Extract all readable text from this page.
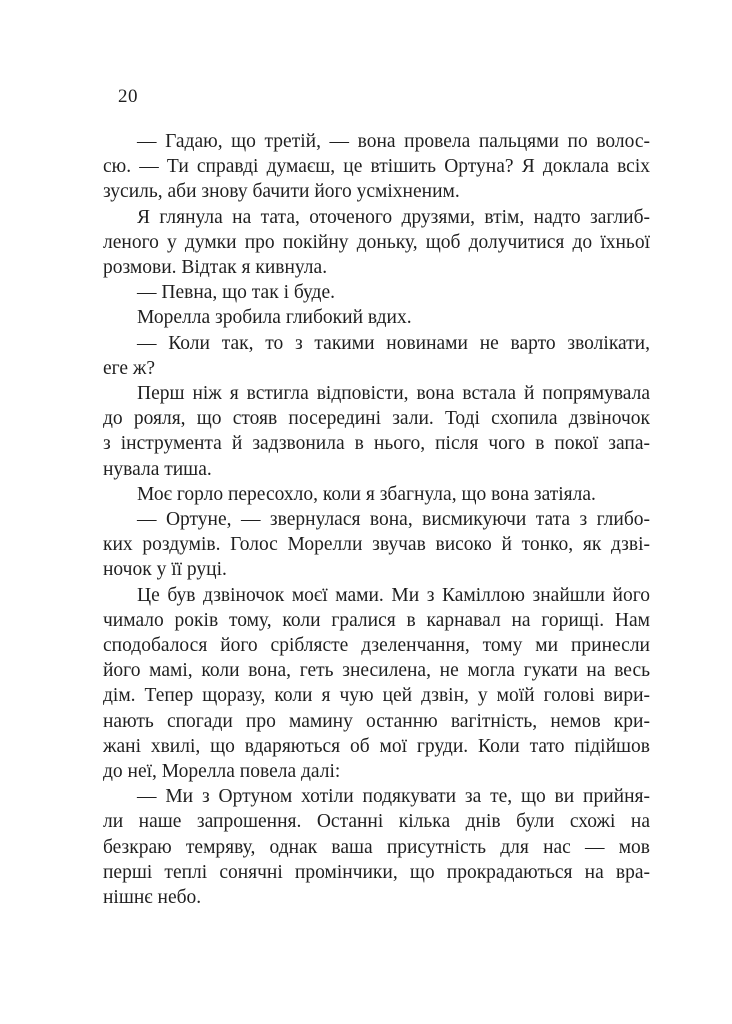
20
— Гадаю, що третій, — вона провела пальцями по волос-
сю. — Ти справді думаєш, це втішить Ортуна? Я доклала всіх
зусиль, аби знову бачити його усміхненим.
Я глянула на тата, оточеного друзями, втім, надто заглиб-
леного у думки про покійну доньку, щоб долучитися до їхньої
розмови. Відтак я кивнула.
— Певна, що так і буде.
Морелла зробила глибокий вдих.
— Коли так, то з такими новинами не варто зволікати,
еге ж?
Перш ніж я встигла відповісти, вона встала й попрямувала
до рояля, що стояв посередині зали. Тоді схопила дзвіночок
з інструмента й задзвонила в нього, після чого в покої запа-
нувала тиша.
Моє горло пересохло, коли я збагнула, що вона затіяла.
— Ортуне, — звернулася вона, висмикуючи тата з глибо-
ких роздумів. Голос Морелли звучав високо й тонко, як дзві-
ночок у її руці.
Це був дзвіночок моєї мами. Ми з Каміллою знайшли його
чимало років тому, коли гралися в карнавал на горищі. Нам
сподобалося його сріблясте дзеленчання, тому ми принесли
його мамі, коли вона, геть знесилена, не могла гукати на весь
дім. Тепер щоразу, коли я чую цей дзвін, у моїй голові вири-
нають спогади про мамину останню вагітність, немов кри-
жані хвилі, що вдаряються об мої груди. Коли тато підійшов
до неї, Морелла повела далі:
— Ми з Ортуном хотіли подякувати за те, що ви прийня-
ли наше запрошення. Останні кілька днів були схожі на
безкраю темряву, однак ваша присутність для нас — мов
перші теплі сонячні промінчики, що прокрадаються на вра-
нішнє небо.
